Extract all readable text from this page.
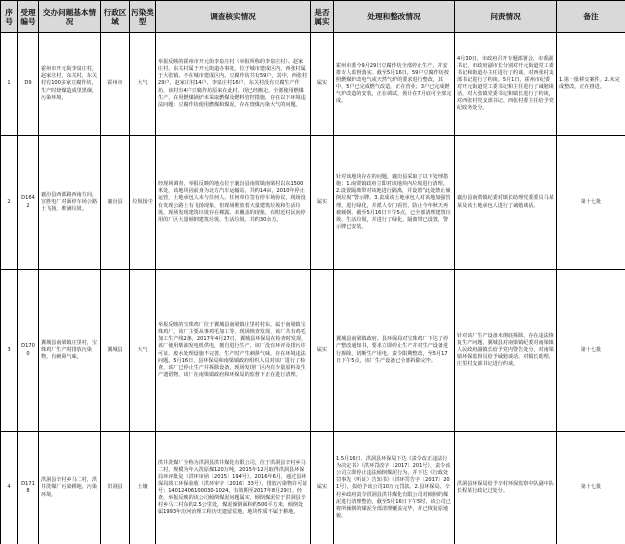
序号	受理编号	交办问题基本情况	行政区域	污染类型	调查核实情况	是否属实	处理和整改情况	问责情况	备注
1	D9	霍州市开元街李泉庄村，赵家庄村，东关村，东关村有100多家豆腐作坊，生产时烧煤造成里黑烟，污染环境。	霍州市	大气	举报反映的霍州市开元街李泉庄村（举报所称的李泉庄村）、赵家庄村、东关村属于开元街道办事处，位于城市建成区内，西张村属于大张镇，不在城市建成区内。豆腐作坊共有59户，其中，西张村29户，赵家庄村14户、李泉庄村16户，东关村没有豆腐生产作坊，该村有4户豆腐作坊原来在此村，现已经搬走。全部使用燃煤生产，在用燃煤锅炉未采取燃煤及燃料管控措施，存在以下环境违法问题：豆腐作坊使用燃煤和煤泥，存在烧煤污染大气的问题。	属实	霍州市委今9月29日豆腐作坊全部停止生产，并安排专人监督落实。截至5月16日，59户豆腐作坊按照燃煤炉改电气或天然气炉的要求进行整改，其中，5户已完成燃气改造，正在营业；3户已完成燃气炉改造的安装，正在调试，预计在7月底可全部完成。	4月30日，市政府召开专题部署会，市委副书记，市政府副市长分别对开元街道党工委书记和街道办主任进行了约谈，对西张村支部书记进行了约谈。5月1日，霍州市纪委对开元街道党工委书记和主任进行了诫勉谈话，对大张镇党委书记和镇长进行了约谈，对西张村党支部书记、西张村委主任给予党纪政务处分。	1.第一批移交案件。2.未完成整改，正在推进。
2	D1642	襄汾县西部路西南方向，宣胜电厂对面停车场公路土飞扬，堆满垃圾。	襄汾县	垃圾扬尘	经现场调查，举报反映的地点位于襄汾县南贾镇南梁村以东1500米处，该地块因前身为北方汽车运输站，共约14亩，2010年停止运营，土地承包人未与任何人、任何单位签有停车场协议，现场没有发现公路上有飞扬现象，但现场堆放着大量建筑垃圾和生活垃圾，现场发现建筑垃圾存在裸露、未覆盖的现象，有附近村民向停用的厂区大量倾倒建筑垃圾、生活垃圾，共约30余方。	属实	针对该地块存在的问题，襄汾县采取了以下处理措施：1.南贾镇政府立即对该地块内垃圾进行清理。2.设置隔离带对该地进行隔离，并设置“此处禁止倾倒垃圾”警示牌。3.责成该土地承包人对该地加强管理，进行绿化，并派人专门看管，防止今年秋天再被倾倒。截至5月16日下午5点，已全部清理建筑垃圾、生活垃圾，并进行了绿化，隔离带已设置，警示牌已安装。	襄汾县南贾镇纪委对镇长助理党委委员马某某及该土地承包人进行了诫勉谈话。	第十七批
3	D1700	翼城县南梁镇庄里村，宝珠鸡厂生产时排放污染物，有刺鼻气味。	翼城县	大气	举报反映的宝珠鸡厂位于翼城县南梁镇庄里村村东，属于南梁镇宝珠鸡厂，该厂主要从事鸡毛加工等，现场核查发现，该厂共有鸡毛加工生产线2条，2017年4月27日，翼城县环保局在检查时发现，该厂使用柴油发电机供电，擅自进行生产，该厂没有环评及排污许可证，废水处理设施不完善，生产时产生刺鼻气味，存在环境违法问题。5月16日，县环保局和南梁镇政府组织人员对该厂进行了检查，该厂已停止生产并拆除设备，现场发现厂区内有少量原料及生产遗留物，该厂在南梁镇政府和环保局的监督下正在进行清理。	属实	翼城县南梁镇政府、县环保局对宝珠鸡厂下达了停产整改通知书，要求立即停止生产并对生产设备进行拆除，切断生产用电，责令限期整改，至5月17日下午5点，该厂生产设备已全部拆除完毕。	针对该厂生产设备未彻底拆除、存在违法恢复生产问题，翼城县对南梁镇纪委对南梁镇人民政府副镇长给予党内警告处分，对南梁镇环保监督员给予诫勉谈话，对镇长助理、庄里村支部书记进行约谈。	第十七批
4	D1718	洪洞县辛村乡马二村，洪井洗煤厂污染耕地，污染环境。	洪洞县	土壤	洪井洗煤厂全称为洪洞县洪井煤化有限公司，位于洪洞县辛村乡马二村，规模为年入洗原煤120万吨，2015年12月取得洪洞县环保局环评批复（洪环审函〔2015〕194号），2016年6月，通过县环保局竣工环保验收（洪环审字〔2016〕33号），排放污染物许可证号：14012406100030-1024，有效期至2017年8月29日。经查，举报反映的该公司倾倒煤泥问题属实，倾倒煤泥位于洪洞县辛村乡马二村东约2.5公里处，煤泥倾倒面积约500平方米，倾倒处属1993年汾河治理工程历史遗留荒地，地块性质不属于耕地。	属实	1.5月16日，洪洞县环保局下达《责令改正违法行为决定书》（洪环罚改字〔2017〕201号），责令该公司立即停止违法倾倒煤泥行为，并下达《行政处罚事先（听证）告知书》（洪环罚告字〔2017〕201号），拟给予该公司10万元罚款。2.县环保局、辛村乡政府责令洪洞县洪井煤化有限公司对倾倒的煤泥进行清理整治，截至5月16日下午5时，该公司已将所倾倒的煤泥全部清理覆盖完毕，并已恢复原地貌。	洪洞县环保局给予辛村环保监察中队副中队长程某行政记过处分。	第十七批
